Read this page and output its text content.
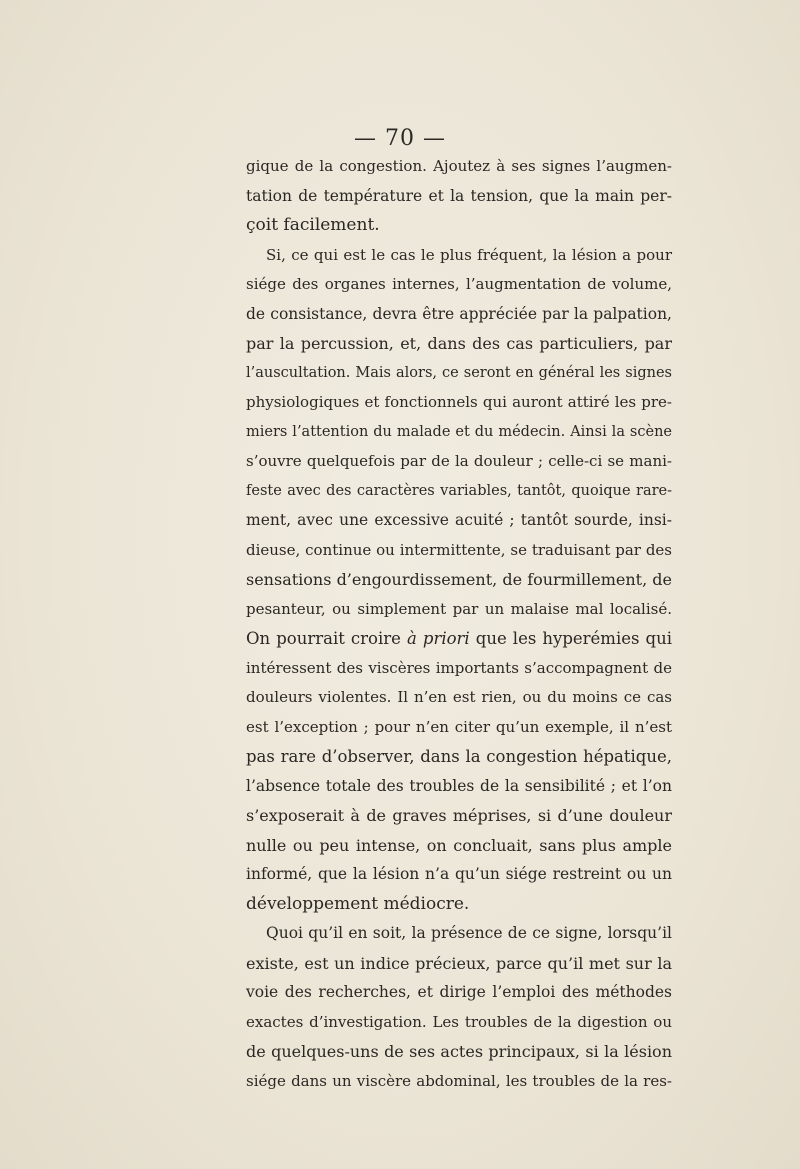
— 70 —
gique de la congestion. Ajoutez à ses signes l’augmen-
tation de température et la tension, que la main per-
çoit facilement.
Si, ce qui est le cas le plus fréquent, la lésion a pour
siége des organes internes, l’augmentation de volume,
de consistance, devra être appréciée par la palpation,
par la percussion, et, dans des cas particuliers, par
l’auscultation. Mais alors, ce seront en général les signes
physiologiques et fonctionnels qui auront attiré les pre-
miers l’attention du malade et du médecin. Ainsi la scène
s’ouvre quelquefois par de la douleur ; celle-ci se mani-
feste avec des caractères variables, tantôt, quoique rare-
ment, avec une excessive acuité ; tantôt sourde, insi-
dieuse, continue ou intermittente, se traduisant par des
sensations d’engourdissement, de fourmillement, de
pesanteur, ou simplement par un malaise mal localisé.
On pourrait croire à priori que les hyperémies qui
intéressent des viscères importants s’accompagnent de
douleurs violentes. Il n’en est rien, ou du moins ce cas
est l’exception ; pour n’en citer qu’un exemple, il n’est
pas rare d’observer, dans la congestion hépatique,
l’absence totale des troubles de la sensibilité ; et l’on
s’exposerait à de graves méprises, si d’une douleur
nulle ou peu intense, on concluait, sans plus ample
informé, que la lésion n’a qu’un siége restreint ou un
développement médiocre.
Quoi qu’il en soit, la présence de ce signe, lorsqu’il
existe, est un indice précieux, parce qu’il met sur la
voie des recherches, et dirige l’emploi des méthodes
exactes d’investigation. Les troubles de la digestion ou
de quelques-uns de ses actes principaux, si la lésion
siége dans un viscère abdominal, les troubles de la res-
